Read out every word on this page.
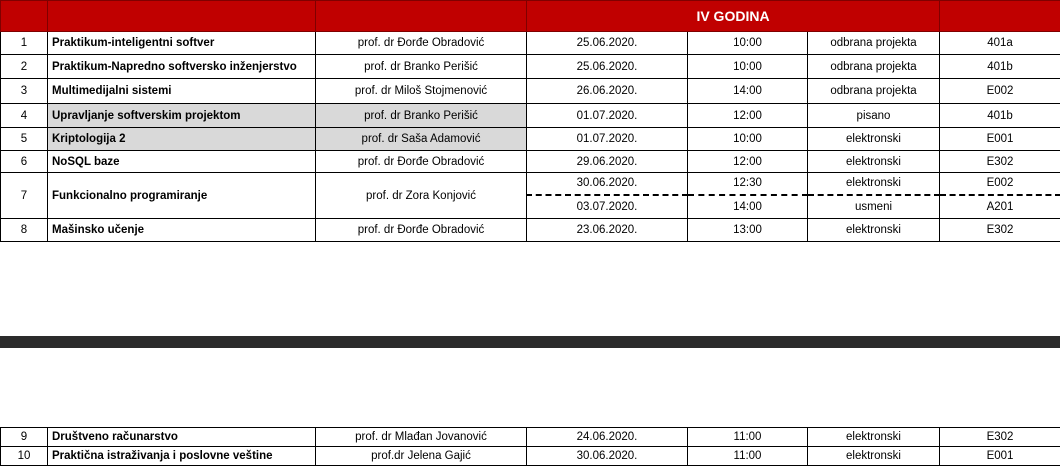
			IV GODINA			
1	Praktikum-inteligentni softver	prof. dr Đorđe Obradović	25.06.2020.	10:00	odbrana projekta	401a
2	Praktikum-Napredno softversko inženjerstvo	prof. dr Branko Perišić	25.06.2020.	10:00	odbrana projekta	401b
3	Multimedijalni sistemi	prof. dr Miloš Stojmenović	26.06.2020.	14:00	odbrana projekta	E002
4	Upravljanje softverskim projektom	prof. dr Branko Perišić	01.07.2020.	12:00	pisano	401b
5	Kriptologija 2	prof. dr Saša Adamović	01.07.2020.	10:00	elektronski	E001
6	NoSQL baze	prof. dr Đorđe Obradović	29.06.2020.	12:00	elektronski	E302
7	Funkcionalno programiranje	prof. dr Zora Konjović	30.06.2020.	12:30	elektronski	E002
			03.07.2020.	14:00	usmeni	A201
8	Mašinsko učenje	prof. dr Đorđe Obradović	23.06.2020.	13:00	elektronski	E302
9	Društveno računarstvo	prof. dr Mlađan Jovanović	24.06.2020.	11:00	elektronski	E302
10	Praktična istraživanja i poslovne veštine	prof.dr Jelena Gajić	30.06.2020.	11:00	elektronski	E001
